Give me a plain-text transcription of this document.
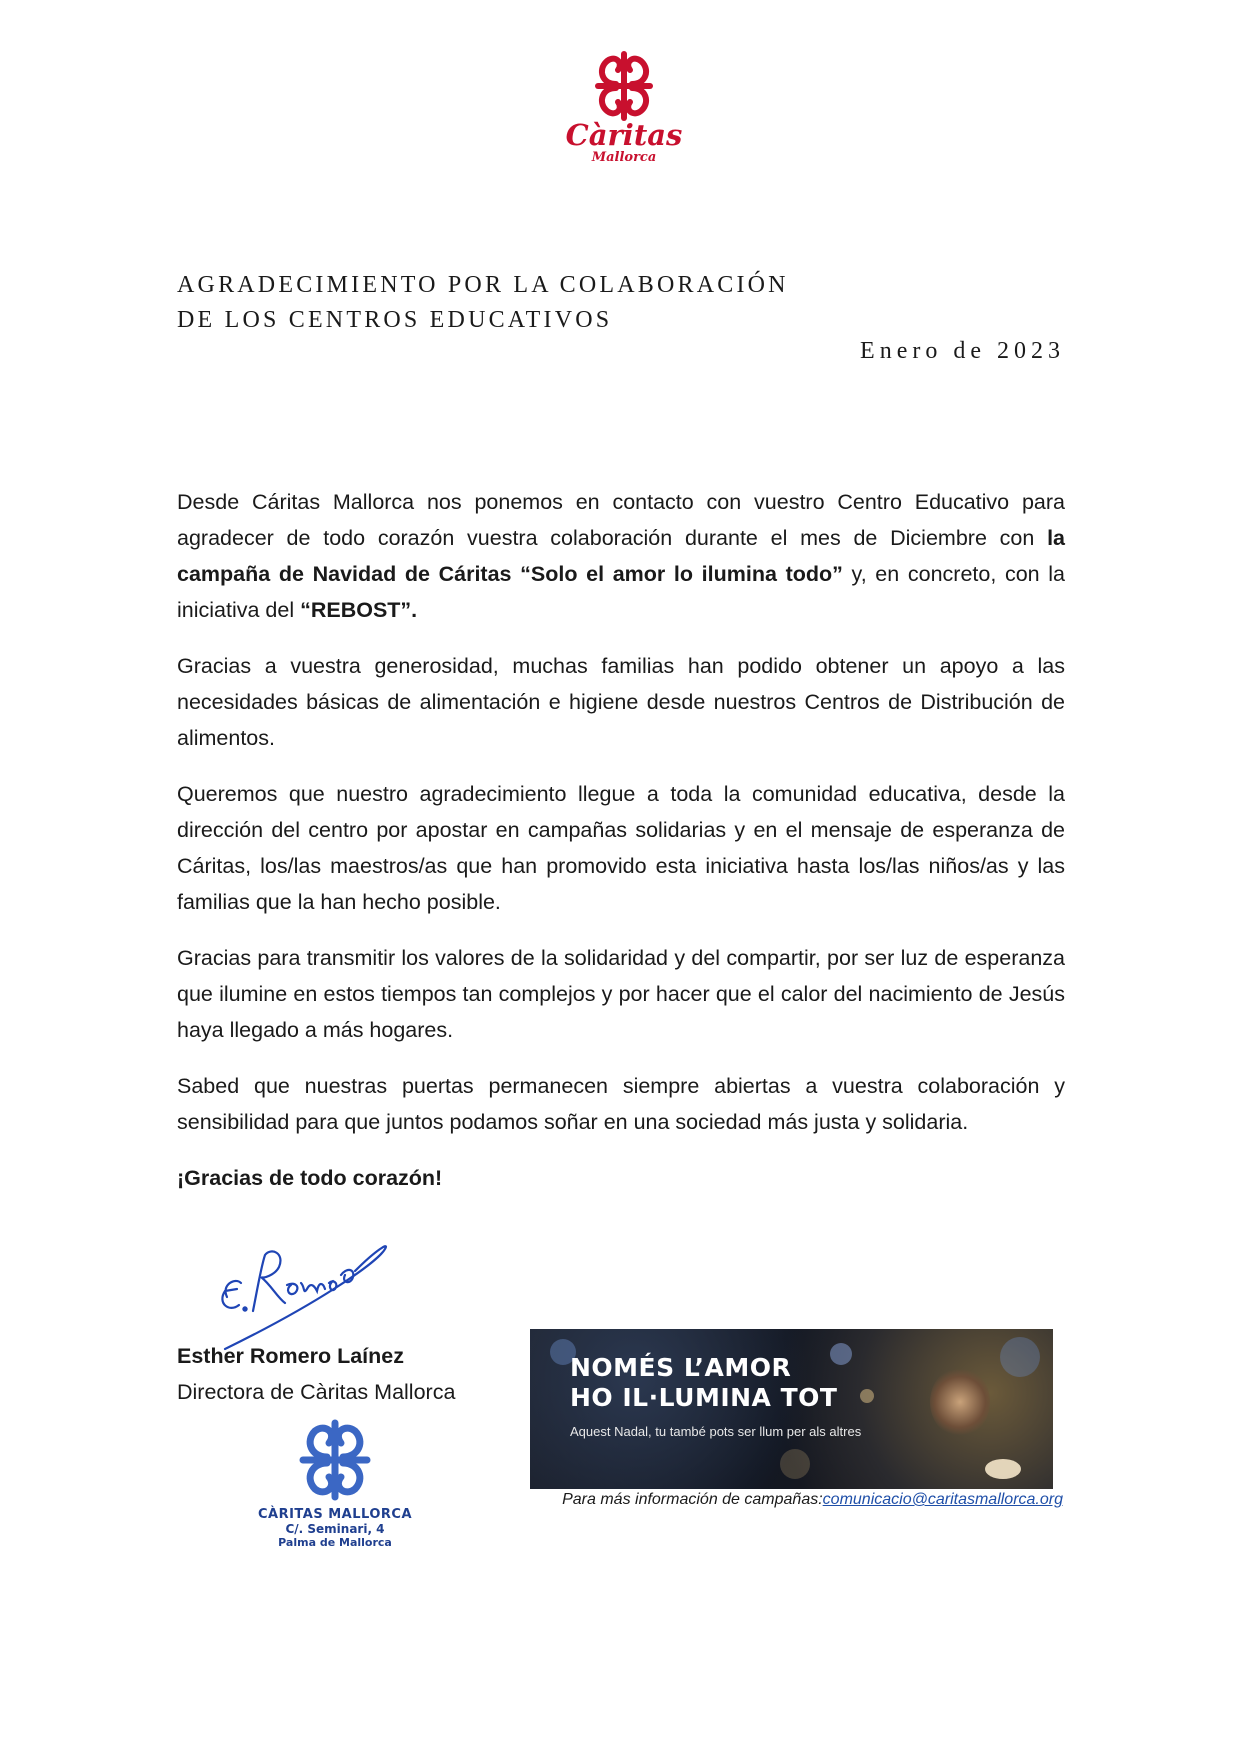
Càritas
Mallorca
AGRADECIMIENTO POR LA COLABORACIÓN
DE LOS CENTROS EDUCATIVOS
Enero de 2023

Desde Cáritas Mallorca nos ponemos en contacto con vuestro Centro Educativo para agradecer de todo corazón vuestra colaboración durante el mes de Diciembre con la campaña de Navidad de Cáritas “Solo el amor lo ilumina todo” y, en concreto, con la iniciativa del “REBOST”.

Gracias a vuestra generosidad, muchas familias han podido obtener un apoyo a las necesidades básicas de alimentación e higiene desde nuestros Centros de Distribución de alimentos.

Queremos que nuestro agradecimiento llegue a toda la comunidad educativa, desde la dirección del centro por apostar en campañas solidarias y en el mensaje de esperanza de Cáritas, los/las maestros/as que han promovido esta iniciativa hasta los/las niños/as y las familias que la han hecho posible.

Gracias para transmitir los valores de la solidaridad y del compartir, por ser luz de esperanza que ilumine en estos tiempos tan complejos y por hacer que el calor del nacimiento de Jesús haya llegado a más hogares.

Sabed que nuestras puertas permanecen siempre abiertas a vuestra colaboración y sensibilidad para que juntos podamos soñar en una sociedad más justa y solidaria.

¡Gracias de todo corazón!

Esther Romero Laínez
Directora de Càritas Mallorca
CÀRITAS MALLORCA
C/. Seminari, 4
Palma de Mallorca
NOMÉS L’AMOR
HO IL·LUMINA TOT
Aquest Nadal, tu també pots ser llum per als altres
Para más información de campañas:comunicacio@caritasmallorca.org
